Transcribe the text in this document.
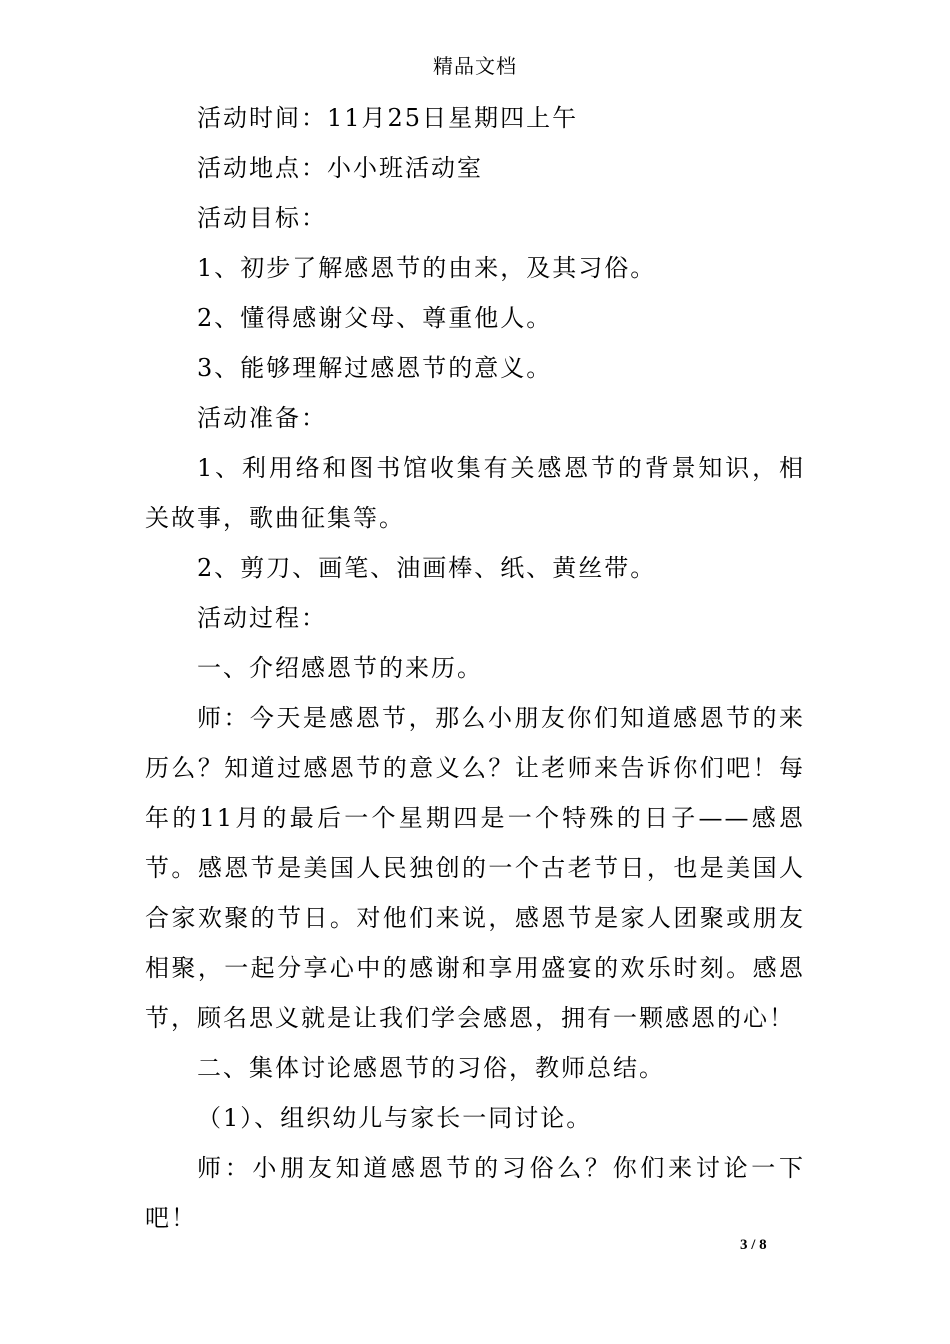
精品文档

活动时间：11月25日星期四上午

活动地点：小小班活动室

活动目标：

1、初步了解感恩节的由来，及其习俗。

2、懂得感谢父母、尊重他人。

3、能够理解过感恩节的意义。

活动准备：

1、利用络和图书馆收集有关感恩节的背景知识，相关故事，歌曲征集等。

2、剪刀、画笔、油画棒、纸、黄丝带。

活动过程：

一、介绍感恩节的来历。

师：今天是感恩节，那么小朋友你们知道感恩节的来历么？知道过感恩节的意义么？让老师来告诉你们吧！每年的11月的最后一个星期四是一个特殊的日子——感恩节。感恩节是美国人民独创的一个古老节日，也是美国人合家欢聚的节日。对他们来说，感恩节是家人团聚或朋友相聚，一起分享心中的感谢和享用盛宴的欢乐时刻。感恩节，顾名思义就是让我们学会感恩，拥有一颗感恩的心！

二、集体讨论感恩节的习俗，教师总结。

（1）、组织幼儿与家长一同讨论。

师：小朋友知道感恩节的习俗么？你们来讨论一下吧！

3 / 8
